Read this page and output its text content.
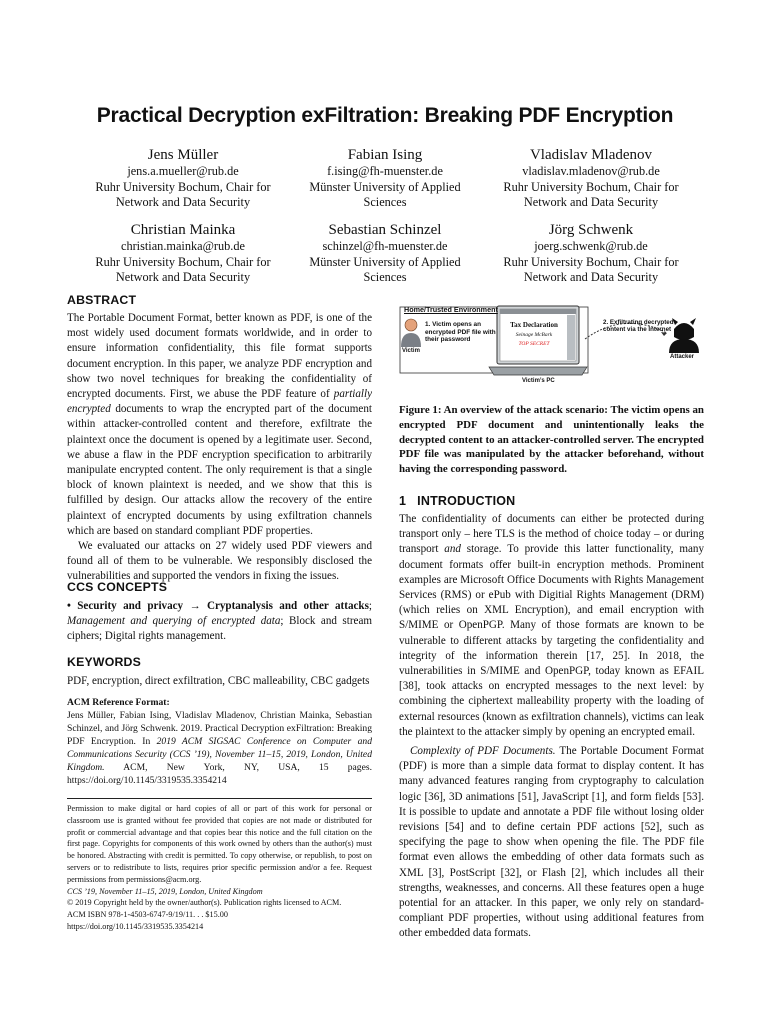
Practical Decryption exFiltration: Breaking PDF Encryption
Jens Müller
jens.a.mueller@rub.de
Ruhr University Bochum, Chair for
Network and Data Security
Fabian Ising
f.ising@fh-muenster.de
Münster University of Applied
Sciences
Vladislav Mladenov
vladislav.mladenov@rub.de
Ruhr University Bochum, Chair for
Network and Data Security
Christian Mainka
christian.mainka@rub.de
Ruhr University Bochum, Chair for
Network and Data Security
Sebastian Schinzel
schinzel@fh-muenster.de
Münster University of Applied
Sciences
Jörg Schwenk
joerg.schwenk@rub.de
Ruhr University Bochum, Chair for
Network and Data Security
ABSTRACT

The Portable Document Format, better known as PDF, is one of the most widely used document formats worldwide, and in order to ensure information confidentiality, this file format supports document encryption. In this paper, we analyze PDF encryption and show two novel techniques for breaking the confidentiality of encrypted documents. First, we abuse the PDF feature of partially encrypted documents to wrap the encrypted part of the document within attacker-controlled content and therefore, exfiltrate the plaintext once the document is opened by a legitimate user. Second, we abuse a flaw in the PDF encryption specification to arbitrarily manipulate encrypted content. The only requirement is that a single block of known plaintext is needed, and we show that this is fulfilled by design. Our attacks allow the recovery of the entire plaintext of encrypted documents by using exfiltration channels which are based on standard compliant PDF properties.

We evaluated our attacks on 27 widely used PDF viewers and found all of them to be vulnerable. We responsibly disclosed the vulnerabilities and supported the vendors in fixing the issues.

CCS CONCEPTS

• Security and privacy → Cryptanalysis and other attacks; Management and querying of encrypted data; Block and stream ciphers; Digital rights management.

KEYWORDS

PDF, encryption, direct exfiltration, CBC malleability, CBC gadgets

ACM Reference Format:

Jens Müller, Fabian Ising, Vladislav Mladenov, Christian Mainka, Sebastian Schinzel, and Jörg Schwenk. 2019. Practical Decryption exFiltration: Breaking PDF Encryption. In 2019 ACM SIGSAC Conference on Computer and Communications Security (CCS ’19), November 11–15, 2019, London, United Kingdom. ACM, New York, NY, USA, 15 pages. https://doi.org/10.1145/3319535.3354214

Permission to make digital or hard copies of all or part of this work for personal or classroom use is granted without fee provided that copies are not made or distributed for profit or commercial advantage and that copies bear this notice and the full citation on the first page. Copyrights for components of this work owned by others than the author(s) must be honored. Abstracting with credit is permitted. To copy otherwise, or republish, to post on servers or to redistribute to lists, requires prior specific permission and/or a fee. Request permissions from permissions@acm.org.

CCS ’19, November 11–15, 2019, London, United Kingdom

© 2019 Copyright held by the owner/author(s). Publication rights licensed to ACM.

ACM ISBN 978-1-4503-6747-9/19/11. . . $15.00

https://doi.org/10.1145/3319535.3354214

Home/Trusted Environment
1. Victim opens an encrypted PDF file with their password
Victim
Tax Declaration
Seinage McBark
TOP SECRET
2. Exfiltrating decrypted content via the Internet
Attacker
Victim’s PC

Figure 1: An overview of the attack scenario: The victim opens an encrypted PDF document and unintentionally leaks the decrypted content to an attacker-controlled server. The encrypted PDF file was manipulated by the attacker beforehand, without having the corresponding password.

1   INTRODUCTION

The confidentiality of documents can either be protected during transport only – here TLS is the method of choice today – or during transport and storage. To provide this latter functionality, many document formats offer built-in encryption methods. Prominent examples are Microsoft Office Documents with Rights Management Services (RMS) or ePub with Digitial Rights Management (DRM) (which relies on XML Encryption), and email encryption with S/MIME or OpenPGP. Many of those formats are known to be vulnerable to different attacks by targeting the confidentiality and integrity of the information therein [17, 25]. In 2018, the vulnerabilities in S/MIME and OpenPGP, today known as EFAIL [38], took attacks on encrypted messages to the next level: by combining the ciphertext malleability property with the loading of external resources (known as exfiltration channels), victims can leak the plaintext to the attacker simply by opening an encrypted email.

Complexity of PDF Documents. The Portable Document Format (PDF) is more than a simple data format to display content. It has many advanced features ranging from cryptography to calculation logic [36], 3D animations [51], JavaScript [1], and form fields [53]. It is possible to update and annotate a PDF file without losing older revisions [54] and to define certain PDF actions [52], such as specifying the page to show when opening the file. The PDF file format even allows the embedding of other data formats such as XML [3], PostScript [32], or Flash [2], which includes all their strengths, weaknesses, and concerns. All these features open a huge potential for an attacker. In this paper, we only rely on standard-compliant PDF properties, without using additional features from other embedded data formats.
